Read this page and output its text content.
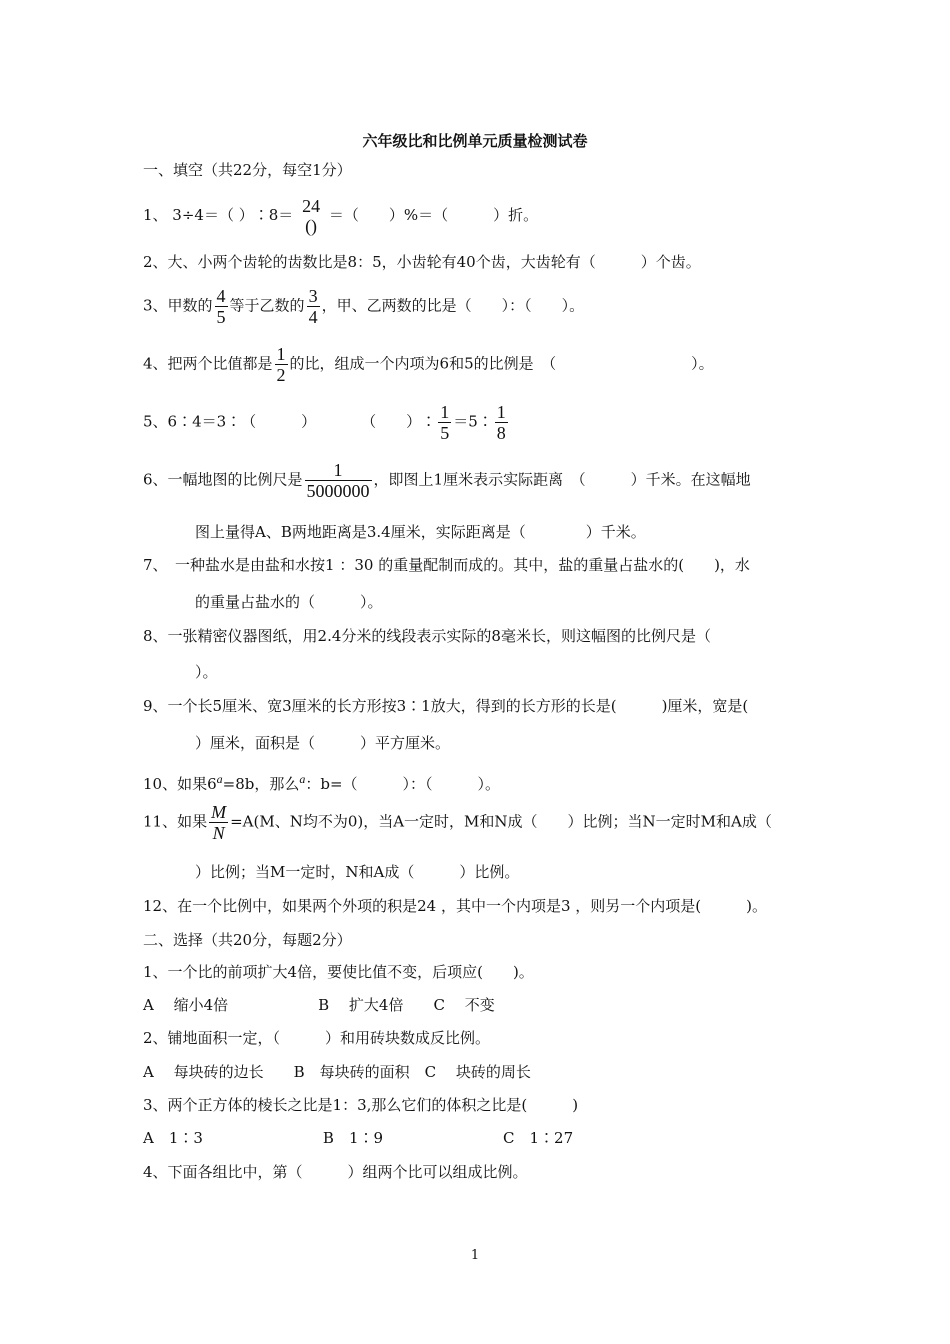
六年级比和比例单元质量检测试卷
一、填空（共22分，每空1分）
1、 3÷4＝（ ）∶8＝ 24
()
＝（　　）%＝（　　　）折。
2、大、小两个齿轮的齿数比是8：5，小齿轮有40个齿，大齿轮有（　　　）个齿。
3、甲数的 $\frac{4}{5}$ 等于乙数的 $\frac{3}{4}$ ，甲、乙两数的比是（　　）：（　　）。
4、把两个比值都是 $\frac{1}{2}$ 的比，组成一个内项为6和5的比例是　（　　　　　　　　　）。
5、6∶4＝3∶（　　　）　　　　（　　）∶ $\frac{1}{5}$ ＝5∶ $\frac{1}{8}$
6、一幅地图的比例尺是 $\frac{1}{5000000}$ ，即图上1厘米表示实际距离　（　　　）千米。在这幅地
图上量得A、B两地距离是3.4厘米，实际距离是（　　　　）千米。
7、　一种盐水是由盐和水按1 ：30 的重量配制而成的。其中，盐的重量占盐水的(　　)，水
的重量占盐水的（　　　）。
8、一张精密仪器图纸，用2.4分米的线段表示实际的8毫米长，则这幅图的比例尺是（
）。
9、一个长5厘米、宽3厘米的长方形按3∶1放大，得到的长方形的长是(　　　)厘米，宽是(
）厘米，面积是（　　　）平方厘米。
10、如果$6^a=8b$，那么$^a$：b=（　　　）：（　　　）。
11、如果 $\frac{M}{N} =A(M$、N均不为0)，当A一定时，M和N成（　　）比例；当N一定时M和A成（
）比例；当M一定时，N和A成（　　　）比例。
12、在一个比例中，如果两个外项的积是24 ，其中一个内项是3 ，则另一个内项是(　　　)。
二、选择（共20分，每题2分）
1、一个比的前项扩大4倍，要使比值不变，后项应(　　)。
A　 缩小4倍　　　　　　B　 扩大4倍　　C　 不变
2、铺地面积一定，（　　　）和用砖块数成反比例。
A　 每块砖的边长　　B　每块砖的面积　C　 块砖的周长
3、两个正方体的棱长之比是1：3,那么它们的体积之比是(　　　)
A　1∶3　　　　　　　　B　1∶9　　　　　　　　C　1∶27
4、下面各组比中，第（　　　）组两个比可以组成比例。
1
